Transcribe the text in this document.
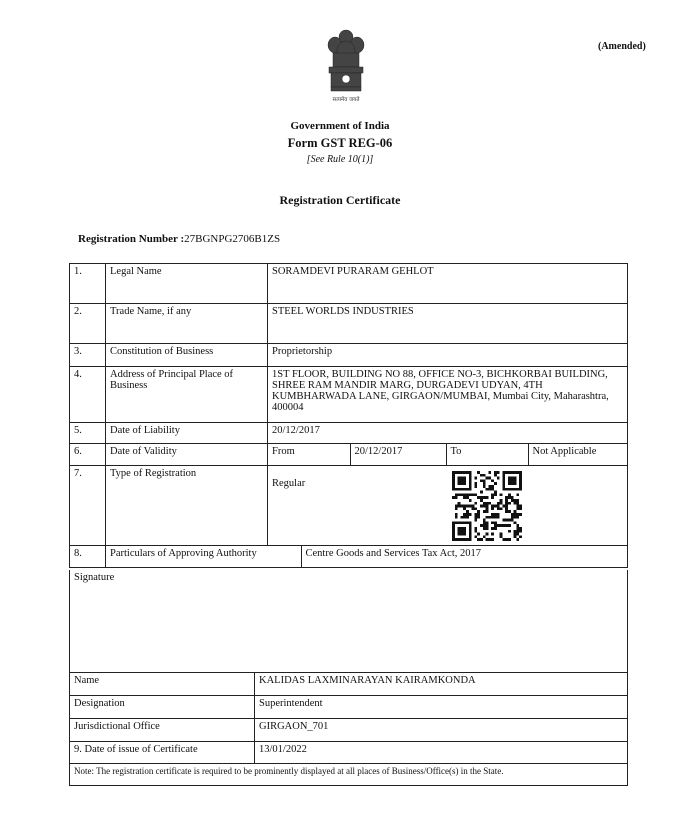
सत्यमेव जयते
(Amended)
Government of India
Form GST REG-06
[See Rule 10(1)]
Registration Certificate
Registration Number :27BGNPG2706B1ZS
1.	Legal Name	SORAMDEVI PURARAM GEHLOT
2.	Trade Name, if any	STEEL WORLDS INDUSTRIES
3.	Constitution of Business	Proprietorship
4.	Address of Principal Place of Business	1ST FLOOR, BUILDING NO 88, OFFICE NO-3, BICHKORBAI BUILDING, SHREE RAM MANDIR MARG, DURGADEVI UDYAN, 4TH KUMBHARWADA LANE, GIRGAON/MUMBAI, Mumbai City, Maharashtra, 400004
5.	Date of Liability	20/12/2017
6.	Date of Validity		From	20/12/2017	To	Not Applicable

7.	Type of Registration	Regular
8.		Particulars of Approving Authority	Centre Goods and Services Tax Act, 2017
Signature	
Name	KALIDAS LAXMINARAYAN KAIRAMKONDA
Designation	Superintendent
Jurisdictional Office	GIRGAON_701
9. Date of issue of Certificate	13/01/2022
Note: The registration certificate is required to be prominently displayed at all places of Business/Office(s) in the State.	
